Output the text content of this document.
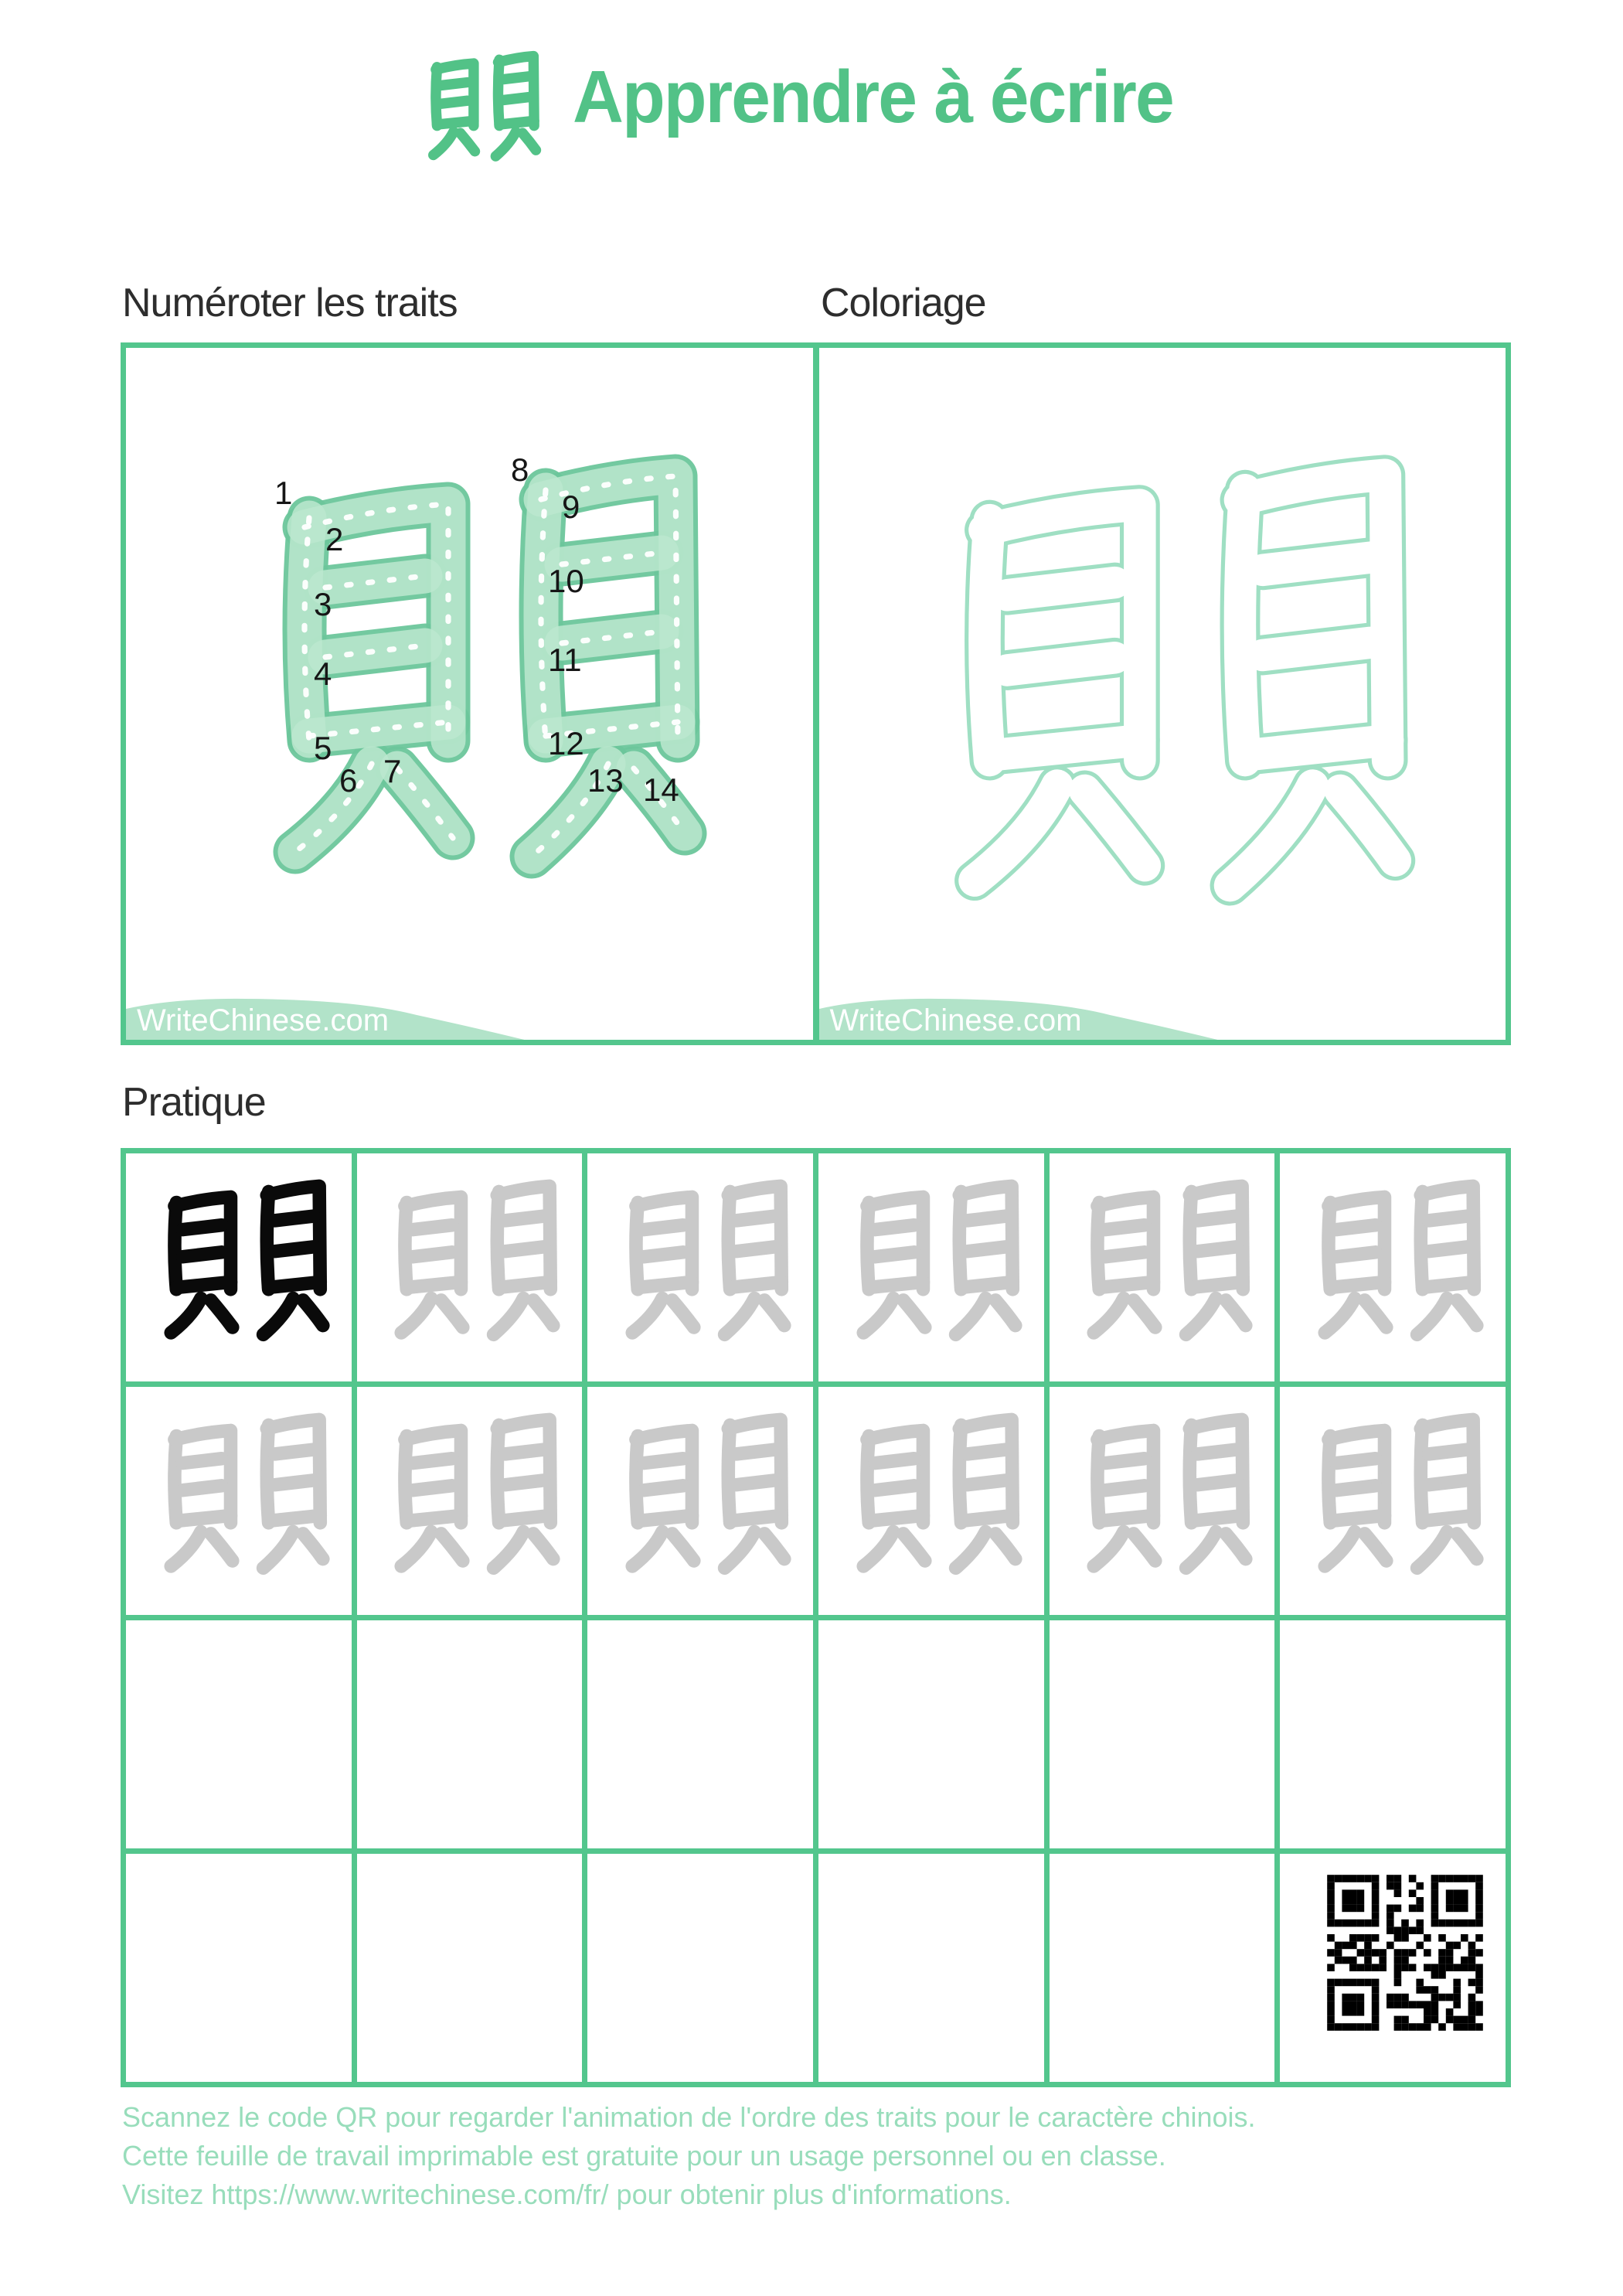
Apprendre à écrire
Numéroter les traits	Coloriage
1
2
3
4
5
6 7
8
9
10
11
12
13 14
WriteChinese.com	WriteChinese.com
Pratique
Scannez le code QR pour regarder l'animation de l'ordre des traits pour le caractère chinois.
Cette feuille de travail imprimable est gratuite pour un usage personnel ou en classe.
Visitez https://www.writechinese.com/fr/ pour obtenir plus d'informations.
